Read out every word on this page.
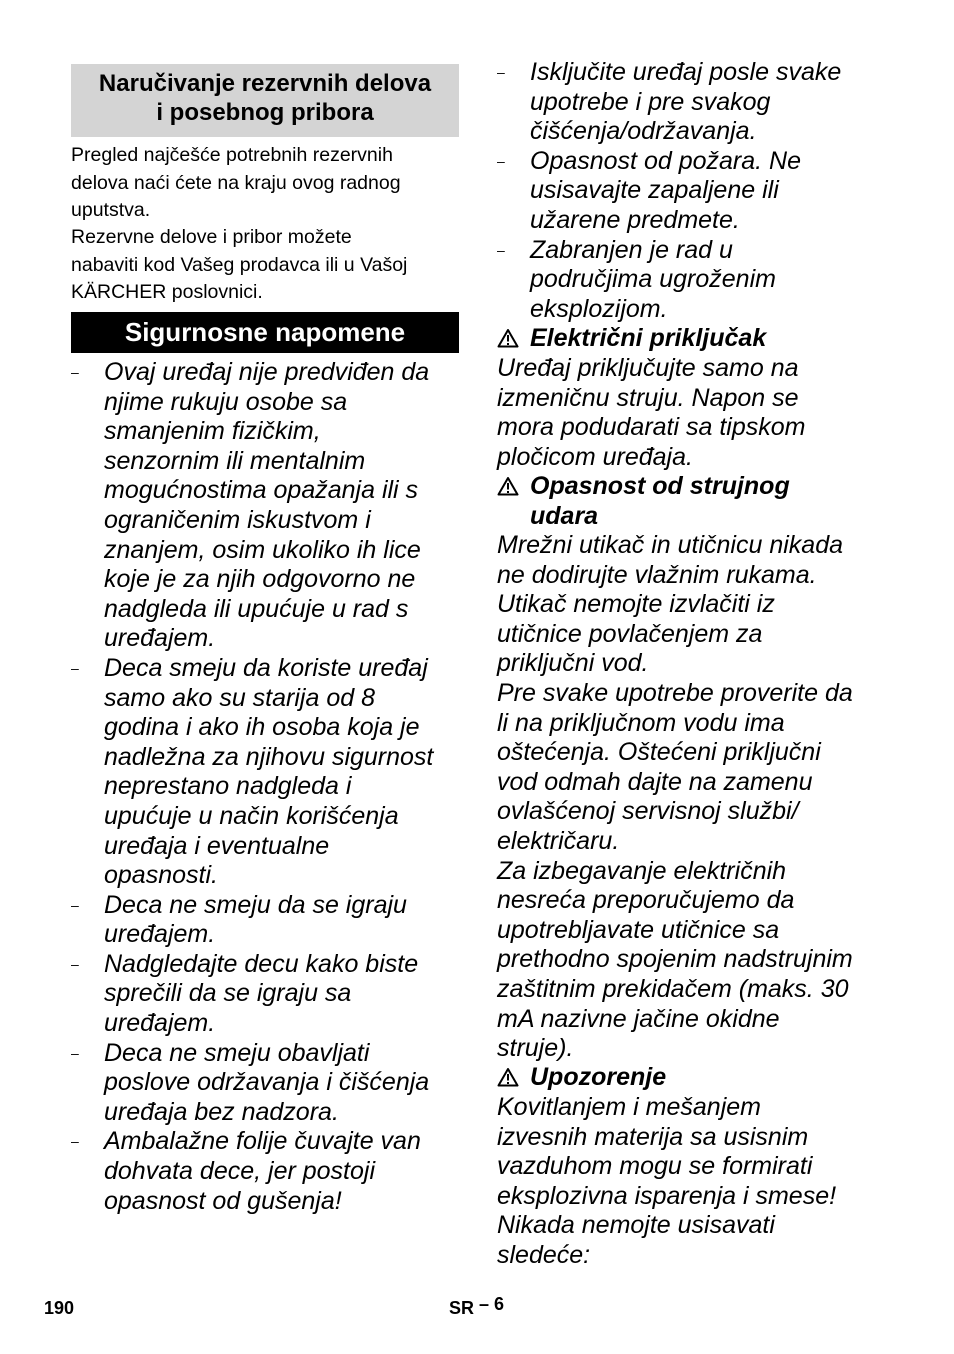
Naručivanje rezervnih delova
i posebnog pribora
Pregled najčešće potrebnih rezervnih
delova naći ćete na kraju ovog radnog
uputstva.
Rezervne delove i pribor možete
nabaviti kod Vašeg prodavca ili u Vašoj
KÄRCHER poslovnici.
Sigurnosne napomene
– Ovaj uređaj nije predviđen da
njime rukuju osobe sa
smanjenim fizičkim,
senzornim ili mentalnim
mogućnostima opažanja ili s
ograničenim iskustvom i
znanjem, osim ukoliko ih lice
koje je za njih odgovorno ne
nadgleda ili upućuje u rad s
uređajem.
– Deca smeju da koriste uređaj
samo ako su starija od 8
godina i ako ih osoba koja je
nadležna za njihovu sigurnost
neprestano nadgleda i
upućuje u način korišćenja
uređaja i eventualne
opasnosti.
– Deca ne smeju da se igraju
uređajem.
– Nadgledajte decu kako biste
sprečili da se igraju sa
uređajem.
– Deca ne smeju obavljati
poslove održavanja i čišćenja
uređaja bez nadzora.
– Ambalažne folije čuvajte van
dohvata dece, jer postoji
opasnost od gušenja!
– Isključite uređaj posle svake
upotrebe i pre svakog
čišćenja/održavanja.
– Opasnost od požara. Ne
usisavajte zapaljene ili
užarene predmete.
– Zabranjen je rad u
područjima ugroženim
eksplozijom.
Električni priključak
Uređaj priključujte samo na
izmeničnu struju. Napon se
mora podudarati sa tipskom
pločicom uređaja.
Opasnost od strujnog
udara
Mrežni utikač in utičnicu nikada
ne dodirujte vlažnim rukama.
Utikač nemojte izvlačiti iz
utičnice povlačenjem za
priključni vod.
Pre svake upotrebe proverite da
li na priključnom vodu ima
oštećenja. Oštećeni priključni
vod odmah dajte na zamenu
ovlašćenoj servisnoj službi/
električaru.
Za izbegavanje električnih
nesreća preporučujemo da
upotrebljavate utičnice sa
prethodno spojenim nadstrujnim
zaštitnim prekidačem (maks. 30
mA nazivne jačine okidne
struje).
Upozorenje
Kovitlanjem i mešanjem
izvesnih materija sa usisnim
vazduhom mogu se formirati
eksplozivna isparenja i smese!
Nikada nemojte usisavati
sledeće:
190	SR – 6
